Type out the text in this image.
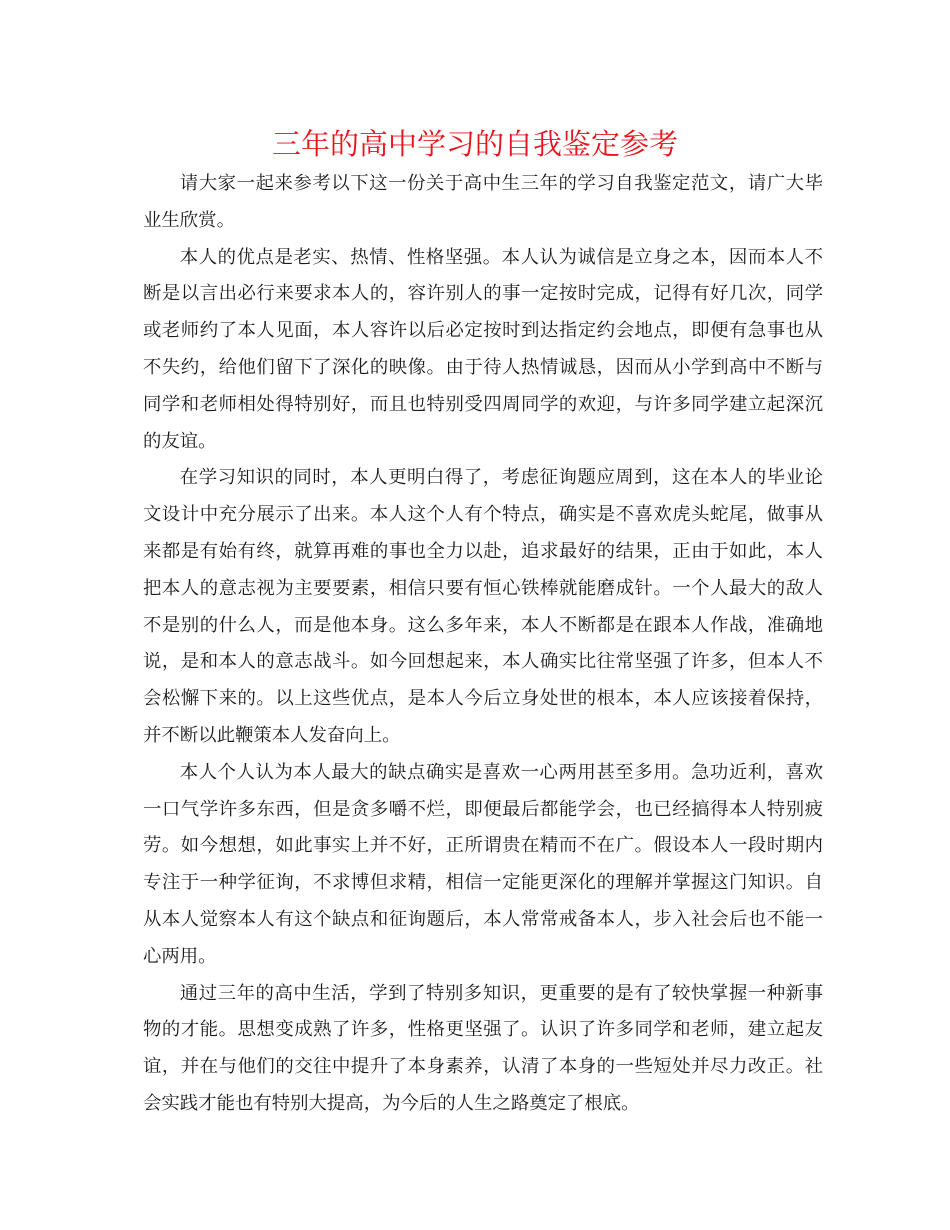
三年的高中学习的自我鉴定参考

请大家一起来参考以下这一份关于高中生三年的学习自我鉴定范文，请广大毕业生欣赏。

本人的优点是老实、热情、性格坚强。本人认为诚信是立身之本，因而本人不断是以言出必行来要求本人的，容许别人的事一定按时完成，记得有好几次，同学或老师约了本人见面，本人容许以后必定按时到达指定约会地点，即便有急事也从不失约，给他们留下了深化的映像。由于待人热情诚恳，因而从小学到高中不断与同学和老师相处得特别好，而且也特别受四周同学的欢迎，与许多同学建立起深沉的友谊。

在学习知识的同时，本人更明白得了，考虑征询题应周到，这在本人的毕业论文设计中充分展示了出来。本人这个人有个特点，确实是不喜欢虎头蛇尾，做事从来都是有始有终，就算再难的事也全力以赴，追求最好的结果，正由于如此，本人把本人的意志视为主要要素，相信只要有恒心铁棒就能磨成针。一个人最大的敌人不是别的什么人，而是他本身。这么多年来，本人不断都是在跟本人作战，准确地说，是和本人的意志战斗。如今回想起来，本人确实比往常坚强了许多，但本人不会松懈下来的。以上这些优点，是本人今后立身处世的根本，本人应该接着保持，并不断以此鞭策本人发奋向上。

本人个人认为本人最大的缺点确实是喜欢一心两用甚至多用。急功近利，喜欢一口气学许多东西，但是贪多嚼不烂，即便最后都能学会，也已经搞得本人特别疲劳。如今想想，如此事实上并不好，正所谓贵在精而不在广。假设本人一段时期内专注于一种学征询，不求博但求精，相信一定能更深化的理解并掌握这门知识。自从本人觉察本人有这个缺点和征询题后，本人常常戒备本人，步入社会后也不能一心两用。

通过三年的高中生活，学到了特别多知识，更重要的是有了较快掌握一种新事物的才能。思想变成熟了许多，性格更坚强了。认识了许多同学和老师，建立起友谊，并在与他们的交往中提升了本身素养，认清了本身的一些短处并尽力改正。社会实践才能也有特别大提高，为今后的人生之路奠定了根底。
